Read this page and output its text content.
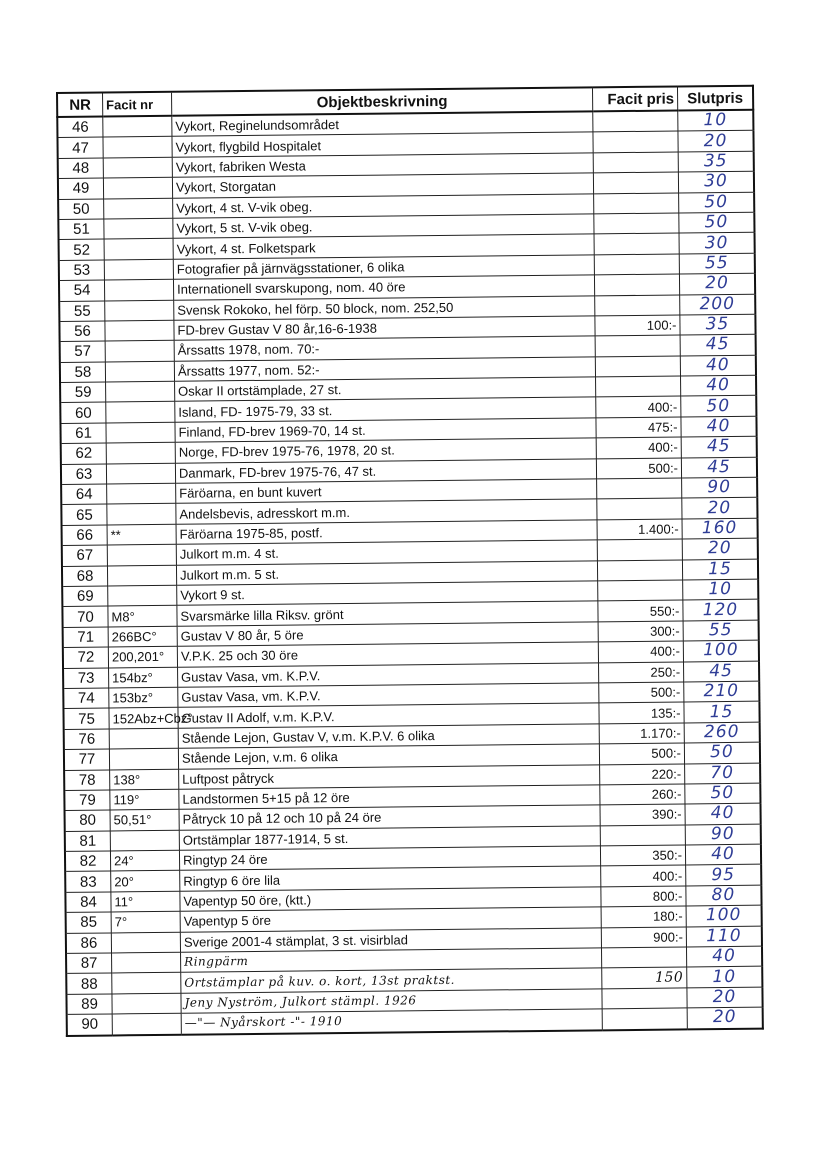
NR	Facit nr	Objektbeskrivning	Facit pris	Slutpris
46		Vykort, Reginelundsområdet		10
47		Vykort, flygbild Hospitalet		20
48		Vykort, fabriken Westa		35
49		Vykort, Storgatan		30
50		Vykort, 4 st. V-vik obeg.		50
51		Vykort, 5 st. V-vik obeg.		50
52		Vykort, 4 st. Folketspark		30
53		Fotografier på järnvägsstationer, 6 olika		55
54		Internationell svarskupong, nom. 40 öre		20
55		Svensk Rokoko, hel förp. 50 block, nom. 252,50		200
56		FD-brev Gustav V 80 år,16-6-1938	100:-	35
57		Årssatts 1978, nom. 70:-		45
58		Årssatts 1977, nom. 52:-		40
59		Oskar II ortstämplade, 27 st.		40
60		Island, FD- 1975-79, 33 st.	400:-	50
61		Finland, FD-brev 1969-70, 14 st.	475:-	40
62		Norge, FD-brev 1975-76, 1978, 20 st.	400:-	45
63		Danmark, FD-brev 1975-76, 47 st.	500:-	45
64		Färöarna, en bunt kuvert		90
65		Andelsbevis, adresskort m.m.		20
66	**	Färöarna 1975-85, postf.	1.400:-	160
67		Julkort m.m. 4 st.		20
68		Julkort m.m. 5 st.		15
69		Vykort 9 st.		10
70	M8°	Svarsmärke lilla Riksv. grönt	550:-	120
71	266BC°	Gustav V 80 år, 5 öre	300:-	55
72	200,201°	V.P.K. 25 och 30 öre	400:-	100
73	154bz°	Gustav Vasa, vm. K.P.V.	250:-	45
74	153bz°	Gustav Vasa, vm. K.P.V.	500:-	210
75	152Abz+Cbz°	Gustav II Adolf, v.m. K.P.V.	135:-	15
76		Stående Lejon, Gustav V, v.m. K.P.V. 6 olika	1.170:-	260
77		Stående Lejon, v.m. 6 olika	500:-	50
78	138°	Luftpost påtryck	220:-	70
79	119°	Landstormen 5+15 på 12 öre	260:-	50
80	50,51°	Påtryck 10 på 12 och 10 på 24 öre	390:-	40
81		Ortstämplar 1877-1914, 5 st.		90
82	24°	Ringtyp 24 öre	350:-	40
83	20°	Ringtyp 6 öre lila	400:-	95
84	11°	Vapentyp 50 öre, (ktt.)	800:-	80
85	7°	Vapentyp 5 öre	180:-	100
86		Sverige 2001-4 stämplat, 3 st. visirblad	900:-	110
87		Ringpärm		40
88		Ortstämplar på kuv. o. kort, 13st praktst.	150	10
89		Jeny Nyström, Julkort stämpl. 1926		20
90		—"— Nyårskort -"- 1910		20
